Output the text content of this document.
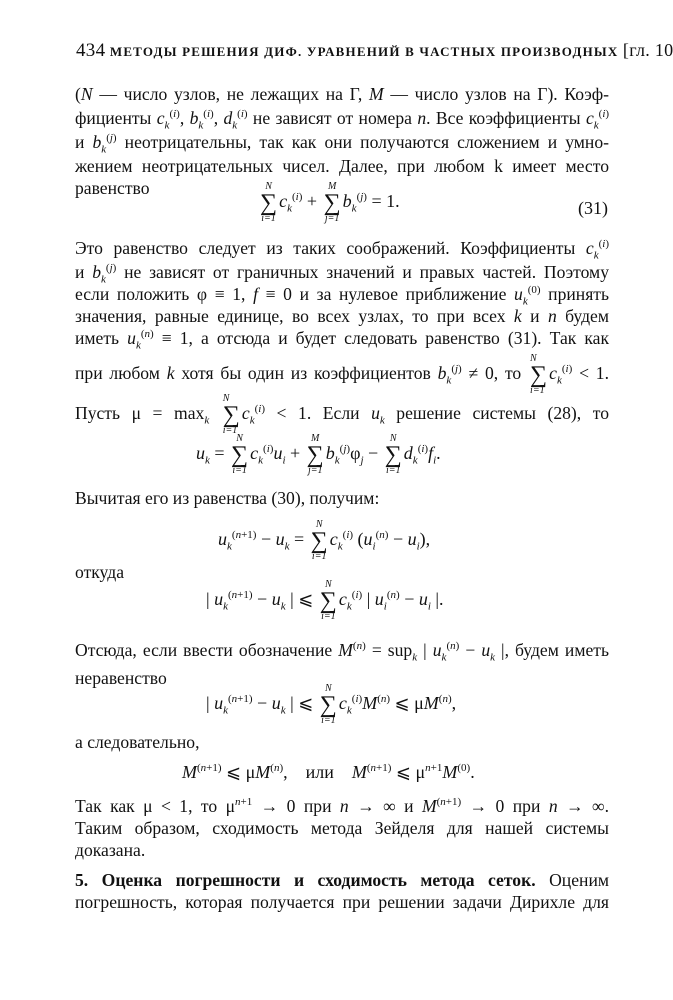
434 МЕТОДЫ РЕШЕНИЯ ДИФ. УРАВНЕНИЙ В ЧАСТНЫХ ПРОИЗВОДНЫХ [гл. 10
(N — число узлов, не лежащих на Г, M — число узлов на Г). Коэф-
фициенты $c_k^{(i)}$, $b_k^{(i)}$, $d_k^{(i)}$ не зависят от номера n. Все коэффициенты $c_k^{(i)}$
и $b_k^{(j)}$ неотрицательны, так как они получаются сложением и умно-
жением неотрицательных чисел. Далее, при любом k имеет место
равенство	N
∑
i=1
$c_k^{(i)}$ +
M
∑
j=1
$b_k^{(j)} = 1$.	(31)
Это равенство следует из таких соображений. Коэффициенты $c_k^{(i)}$
и $b_k^{(j)}$ не зависят от граничных значений и правых частей. Поэтому
если положить φ ≡ 1, f ≡ 0 и за нулевое приближение $u_k^{(0)}$ принять
значения, равные единице, во всех узлах, то при всех k и n будем
иметь $u_k^{(n)} \equiv 1$, а отсюда и будет следовать равенство (31). Так как
при любом k хотя бы один из коэффициентов $b_k^{(j)} \ne 0$, то
N
∑
i=1
$c_k^{(i)} < 1$.
Пусть $\mu = \max_k$
N
∑
i=1
$c_k^{(i)} < 1$. Если $u_k$ решение системы (28), то
$u_k$ =
N
∑
i=1
$c_k^{(i)}u_i$ +
M
∑
j=1
$b_k^{(j)}\varphi_j$ −
N
∑
i=1
$d_k^{(i)}f_i$.
Вычитая его из равенства (30), получим:
$u_k^{(n+1)} - u_k$ =
N
∑
i=1
$c_k^{(i)}$ $(u_i^{(n)} - u_i)$,
откуда
| $u_k^{(n+1)} - u_k$ | ⩽
N
∑
i=1
$c_k^{(i)}$ | $u_i^{(n)} - u_i$ |.
Отсюда, если ввести обозначение $M^{(n)} = sup_k$ | $u_k^{(n)} - u_k$ |, будем иметь
неравенство
| $u_k^{(n+1)} - u_k$ | ⩽
N
∑
i=1
$c_k^{(i)}M^{(n)}$ ⩽ $\mu M^{(n)}$,
а следовательно,
$M^{(n+1)}$ ⩽ $\mu M^{(n)}$,    или    $M^{(n+1)}$ ⩽ $\mu^{n+1}M^{(0)}$.
Так как μ < 1, то $\mu^{n+1} \to 0$ при n → ∞ и $M^{(n+1)} \to 0$ при n → ∞.
Таким образом, сходимость метода Зейделя для нашей системы
доказана.
5. Оценка погрешности и сходимость метода сеток. Оценим
погрешность, которая получается при решении задачи Дирихле для
